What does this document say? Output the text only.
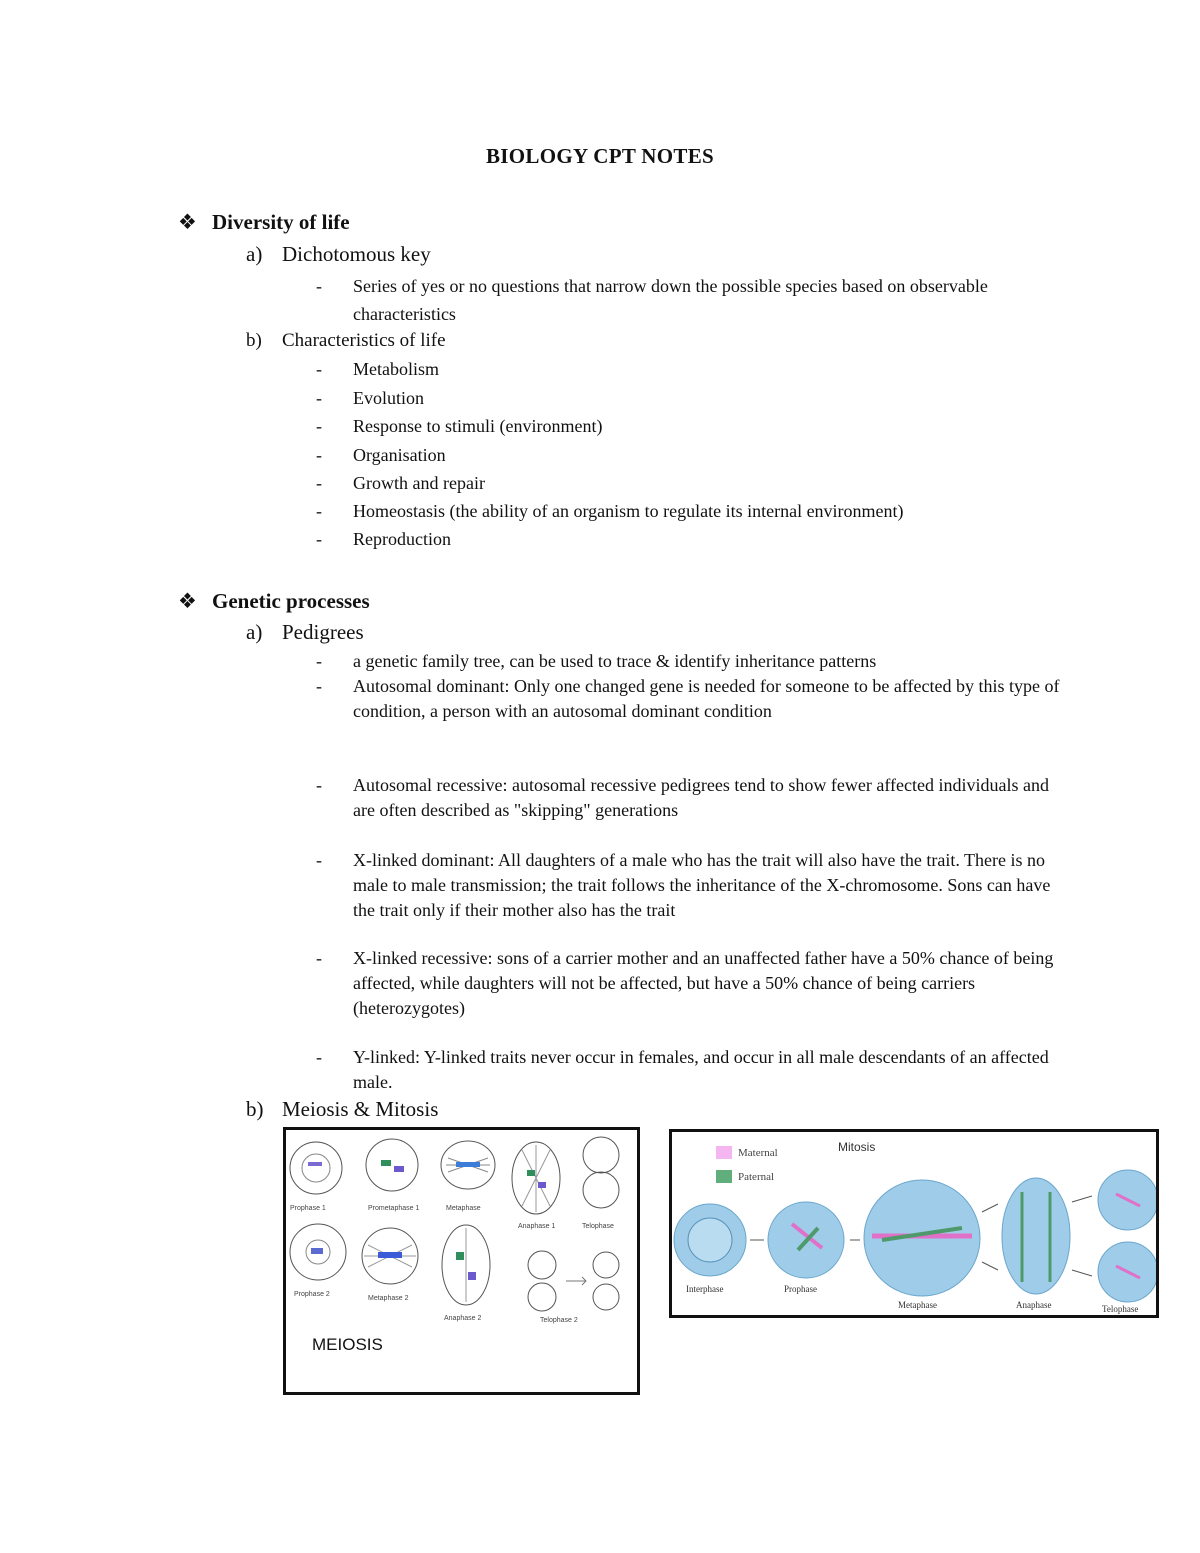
BIOLOGY CPT NOTES
❖ Diversity of life
a) Dichotomous key
- Series of yes or no questions that narrow down the possible species based on observable characteristics
b) Characteristics of life
- Metabolism
- Evolution
- Response to stimuli (environment)
- Organisation
- Growth and repair
- Homeostasis (the ability of an organism to regulate its internal environment)
- Reproduction
❖ Genetic processes
a) Pedigrees
- a genetic family tree, can be used to trace & identify inheritance patterns
- Autosomal dominant: Only one changed gene is needed for someone to be affected by this type of condition, a person with an autosomal dominant condition
- Autosomal recessive: autosomal recessive pedigrees tend to show fewer affected individuals and are often described as "skipping" generations
- X-linked dominant: All daughters of a male who has the trait will also have the trait. There is no male to male transmission; the trait follows the inheritance of the X-chromosome. Sons can have the trait only if their mother also has the trait
- X-linked recessive: sons of a carrier mother and an unaffected father have a 50% chance of being affected, while daughters will not be affected, but have a 50% chance of being carriers (heterozygotes)
- Y-linked: Y-linked traits never occur in females, and occur in all male descendants of an affected male.
b) Meiosis & Mitosis
Prophase 1	Prometaphase 1	Metaphase
Anaphase 1	Telophase
Prophase 2
Metaphase 2
Anaphase 2	Telophase 2
MEIOSIS
Mitosis
Maternal
Paternal
Interphase	Prophase
Metaphase	Anaphase	Telophase
